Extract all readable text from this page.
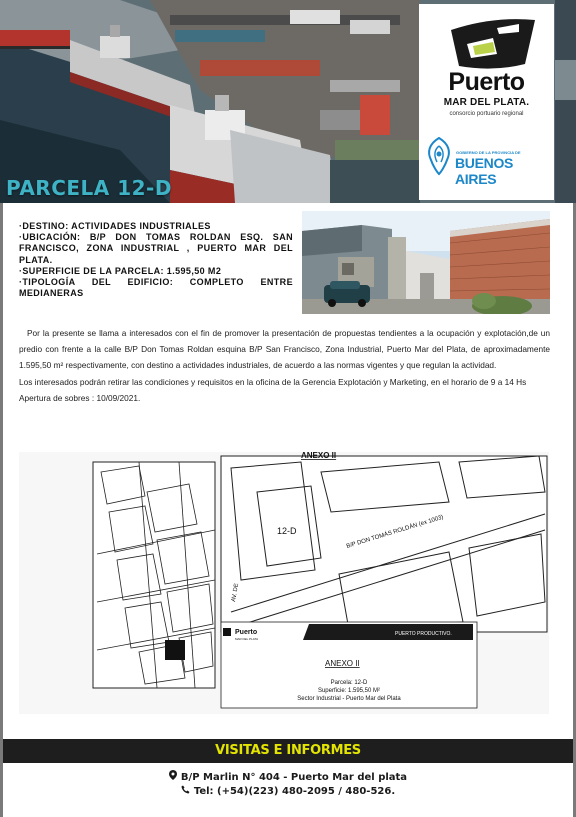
PARCELA 12-D
Puerto
MAR DEL PLATA.
consorcio portuario regional
GOBIERNO DE LA PROVINCIA DE
BUENOS AIRES
·DESTINO: ACTIVIDADES INDUSTRIALES
·UBICACIÓN: B/P DON TOMAS ROLDAN ESQ. SAN FRANCISCO, ZONA INDUSTRIAL , PUERTO MAR DEL PLATA.
·SUPERFICIE DE LA PARCELA: 1.595,50 M2
·TIPOLOGÍA DEL EDIFICIO: COMPLETO ENTRE MEDIANERAS

Por la presente se llama a interesados con el fin de promover la presentación de propuestas tendientes a la ocupación y explotación,de un predio con frente a la calle B/P Don Tomas Roldan esquina B/P San Francisco, Zona Industrial, Puerto Mar del Plata, de aproximadamente 1.595,50 m² respectivamente, con destino a actividades industriales, de acuerdo a las normas vigentes y que regulan la actividad.

Los interesados podrán retirar las condiciones y requisitos en la oficina de la Gerencia Explotación y Marketing, en el horario de 9 a 14 Hs

Apertura de sobres : 10/09/2021.

ANEXO II
12-D	B/P DON TOMÁS ROLDÁN (ex 1003)
AV. DE
Puerto
MAR DEL PLATA
PUERTO PRODUCTIVO.
ANEXO II
Parcela: 12-D
Superficie: 1.595,50 M²
Sector Industrial - Puerto Mar del Plata
VISITAS E INFORMES
B/P Marlin N° 404 - Puerto Mar del plata
Tel: (+54)(223) 480-2095 / 480-526.
